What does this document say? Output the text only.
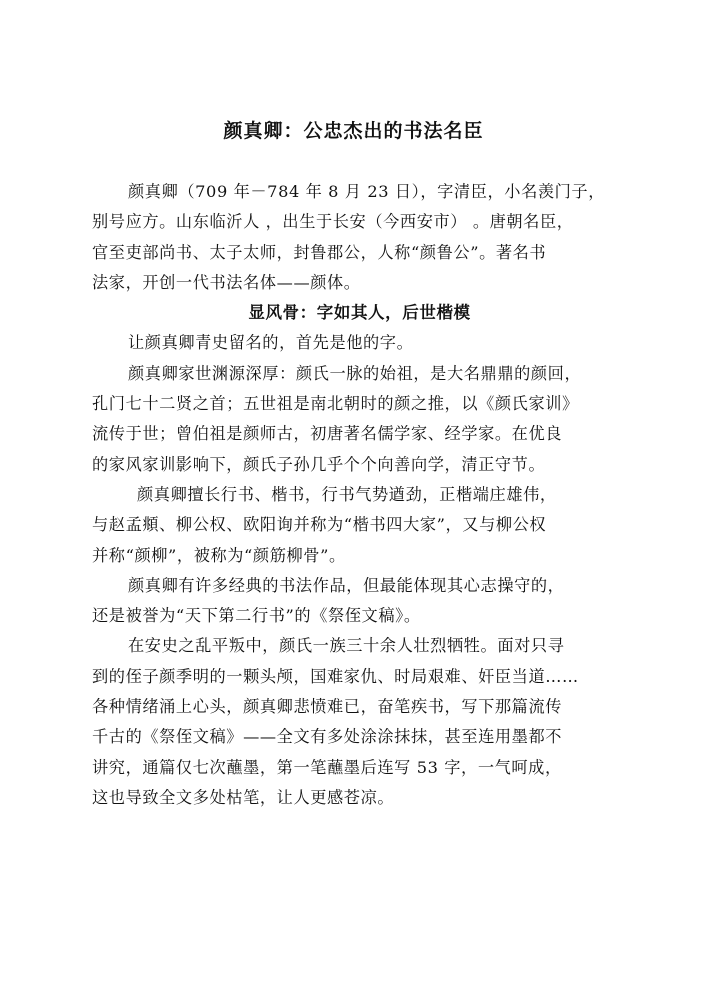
颜真卿：公忠杰出的书法名臣
颜真卿（709 年－784 年 8 月 23 日），字清臣，小名羡门子，
别号应方。山东临沂人 ，出生于长安（今西安市） 。唐朝名臣，
官至吏部尚书、太子太师，封鲁郡公，人称“颜鲁公”。著名书
法家，开创一代书法名体——颜体。
显风骨：字如其人，后世楷模
让颜真卿青史留名的，首先是他的字。
颜真卿家世渊源深厚：颜氏一脉的始祖，是大名鼎鼎的颜回，
孔门七十二贤之首；五世祖是南北朝时的颜之推，以《颜氏家训》
流传于世；曾伯祖是颜师古，初唐著名儒学家、经学家。在优良
的家风家训影响下，颜氏子孙几乎个个向善向学，清正守节。
颜真卿擅长行书、楷书，行书气势遒劲，正楷端庄雄伟，
与赵孟頫、柳公权、欧阳询并称为“楷书四大家”，又与柳公权
并称“颜柳”，被称为“颜筋柳骨”。
颜真卿有许多经典的书法作品，但最能体现其心志操守的，
还是被誉为“天下第二行书”的《祭侄文稿》。
在安史之乱平叛中，颜氏一族三十余人壮烈牺牲。面对只寻
到的侄子颜季明的一颗头颅，国难家仇、时局艰难、奸臣当道……
各种情绪涌上心头，颜真卿悲愤难已，奋笔疾书，写下那篇流传
千古的《祭侄文稿》——全文有多处涂涂抹抹，甚至连用墨都不
讲究，通篇仅七次蘸墨，第一笔蘸墨后连写 53 字，一气呵成，
这也导致全文多处枯笔，让人更感苍凉。
